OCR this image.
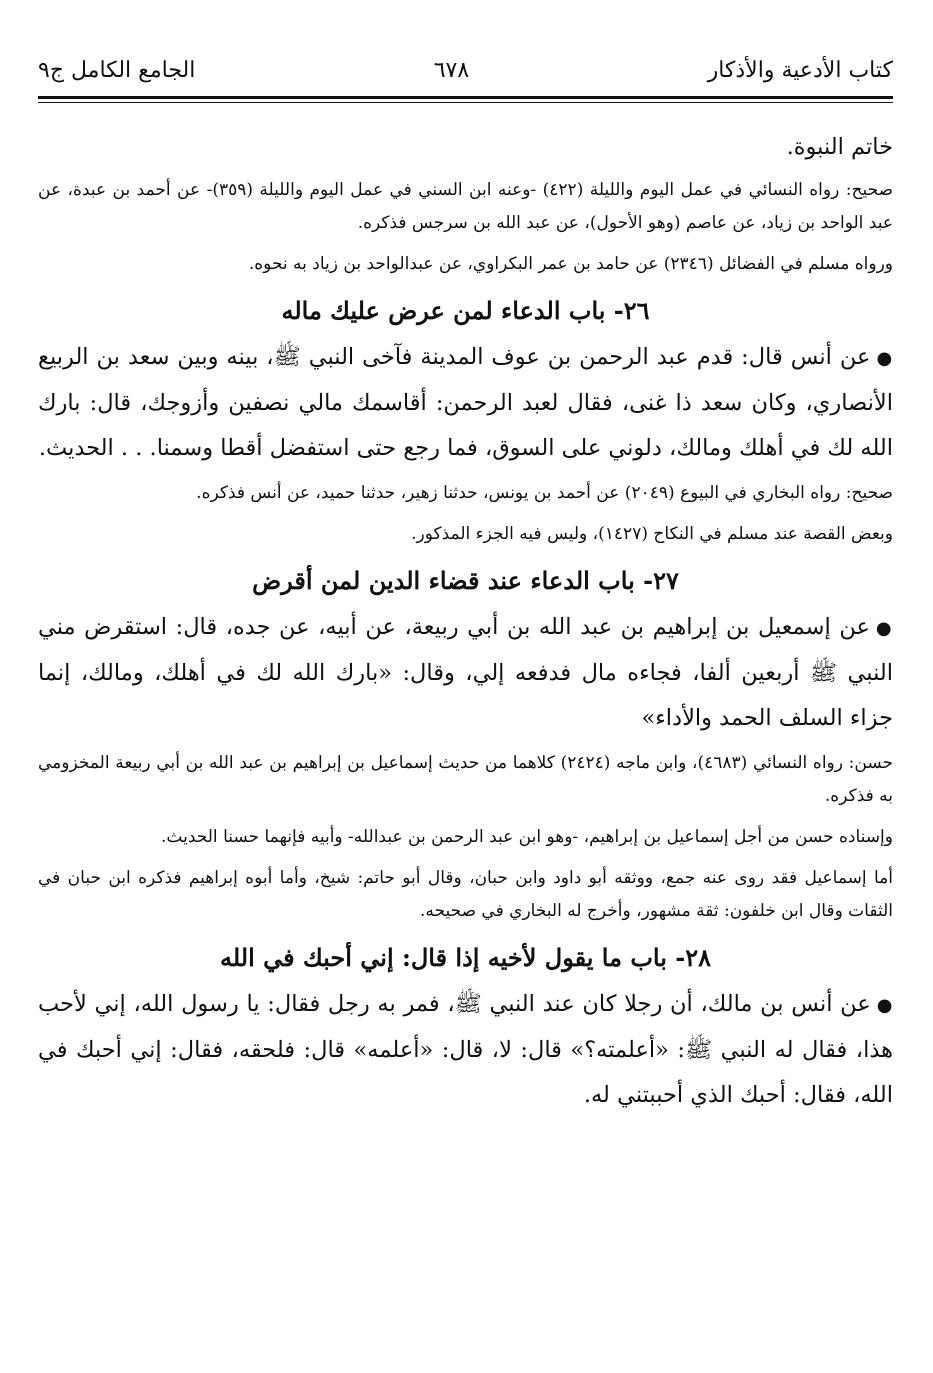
كتاب الأدعية والأذكار
٦٧٨
الجامع الكامل ج٩

خاتم النبوة.

صحيح: رواه النسائي في عمل اليوم والليلة (٤٢٢) -وعنه ابن السني في عمل اليوم والليلة (٣٥٩)- عن أحمد بن عبدة، عن عبد الواحد بن زياد، عن عاصم (وهو الأحول)، عن عبد الله بن سرجس فذكره.

ورواه مسلم في الفضائل (٢٣٤٦) عن حامد بن عمر البكراوي، عن عبدالواحد بن زياد به نحوه.

٢٦- باب الدعاء لمن عرض عليك ماله

●عن أنس قال: قدم عبد الرحمن بن عوف المدينة فآخى النبي ﷺ، بينه وبين سعد بن الربيع الأنصاري، وكان سعد ذا غنى، فقال لعبد الرحمن: أقاسمك مالي نصفين وأزوجك، قال: بارك الله لك في أهلك ومالك، دلوني على السوق، فما رجع حتى استفضل أقطا وسمنا. . . الحديث.

صحيح: رواه البخاري في البيوع (٢٠٤٩) عن أحمد بن يونس، حدثنا زهير، حدثنا حميد، عن أنس فذكره.

وبعض القصة عند مسلم في النكاح (١٤٢٧)، وليس فيه الجزء المذكور.

٢٧- باب الدعاء عند قضاء الدين لمن أقرض

●عن إسمعيل بن إبراهيم بن عبد الله بن أبي ربيعة، عن أبيه، عن جده، قال: استقرض مني النبي ﷺ أربعين ألفا، فجاءه مال فدفعه إلي، وقال: «بارك الله لك في أهلك، ومالك، إنما جزاء السلف الحمد والأداء»

حسن: رواه النسائي (٤٦٨٣)، وابن ماجه (٢٤٢٤) كلاهما من حديث إسماعيل بن إبراهيم بن عبد الله بن أبي ربيعة المخزومي به فذكره.

وإسناده حسن من أجل إسماعيل بن إبراهيم، -وهو ابن عبد الرحمن بن عبدالله- وأبيه فإنهما حسنا الحديث.

أما إسماعيل فقد روى عنه جمع، ووثقه أبو داود وابن حبان، وقال أبو حاتم: شيخ، وأما أبوه إبراهيم فذكره ابن حبان في الثقات وقال ابن خلفون: ثقة مشهور، وأخرج له البخاري في صحيحه.

٢٨- باب ما يقول لأخيه إذا قال: إني أحبك في الله

●عن أنس بن مالك، أن رجلا كان عند النبي ﷺ، فمر به رجل فقال: يا رسول الله، إني لأحب هذا، فقال له النبي ﷺ: «أعلمته؟» قال: لا، قال: «أعلمه» قال: فلحقه، فقال: إني أحبك في الله، فقال: أحبك الذي أحببتني له.
